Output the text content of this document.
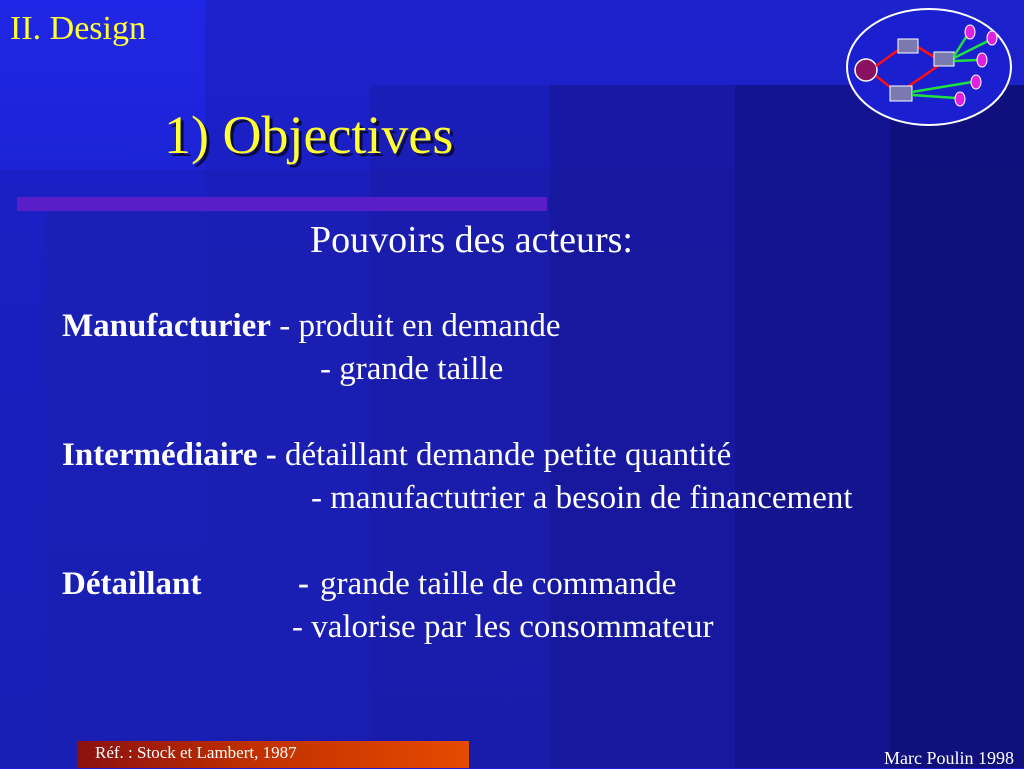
II. Design
1) Objectives
Pouvoirs des acteurs:
Manufacturier - produit en demande
- grande taille
Intermédiaire - détaillant demande petite quantité
- manufactutrier a besoin de financement
Détaillant	- grande taille de commande
- valorise par les consommateur
Réf. : Stock et Lambert, 1987	Marc Poulin 1998
